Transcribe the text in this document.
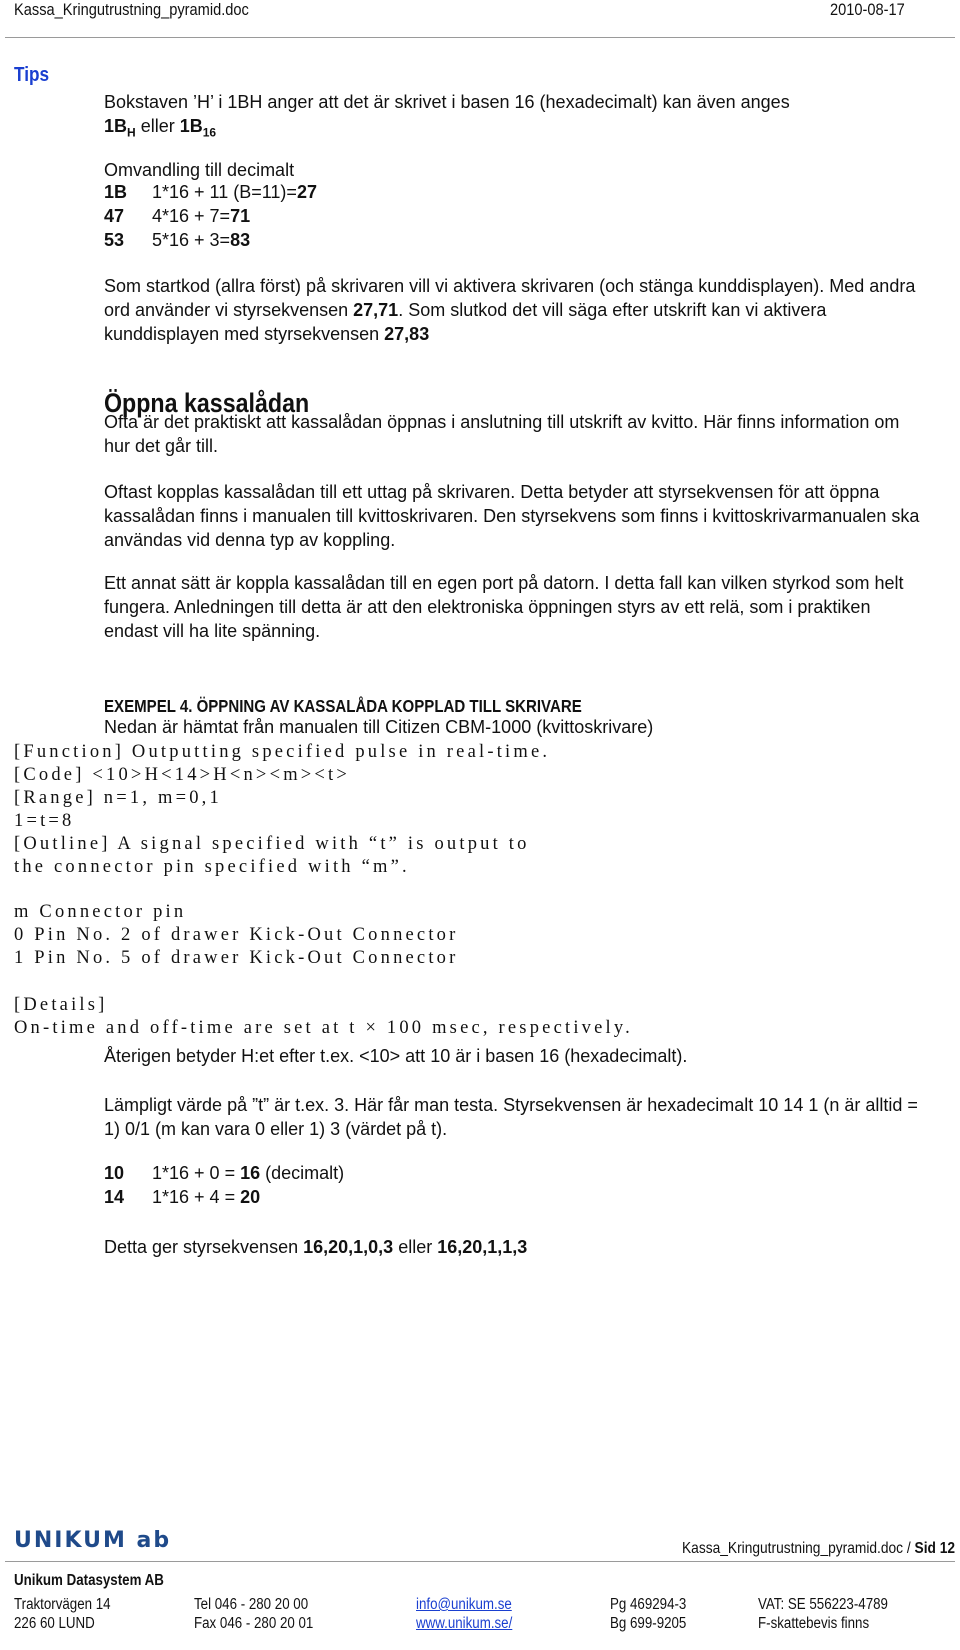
Kassa_Kringutrustning_pyramid.doc	2010-08-17
Tips
Bokstaven ’H’ i 1BH anger att det är skrivet i basen 16 (hexadecimalt) kan även anges
$1B_H$ eller $1B_{16}$
Omvandling till decimalt
1B 1*16 + 11 (B=11)=27
47 4*16 + 7=71
53 5*16 + 3=83
Som startkod (allra först) på skrivaren vill vi aktivera skrivaren (och stänga kunddisplayen). Med andra ord använder vi styrsekvensen 27,71. Som slutkod det vill säga efter utskrift kan vi aktivera kunddisplayen med styrsekvensen 27,83
Öppna kassalådan
Ofta är det praktiskt att kassalådan öppnas i anslutning till utskrift av kvitto. Här finns information om hur det går till.
Oftast kopplas kassalådan till ett uttag på skrivaren. Detta betyder att styrsekvensen för att öppna kassalådan finns i manualen till kvittoskrivaren. Den styrsekvens som finns i kvittoskrivarmanualen ska användas vid denna typ av koppling.
Ett annat sätt är koppla kassalådan till en egen port på datorn. I detta fall kan vilken styrkod som helt fungera. Anledningen till detta är att den elektroniska öppningen styrs av ett relä, som i praktiken endast vill ha lite spänning.
EXEMPEL 4. ÖPPNING AV KASSALÅDA KOPPLAD TILL SKRIVARE
Nedan är hämtat från manualen till Citizen CBM-1000 (kvittoskrivare)
[Function] Outputting specified pulse in real-time.
[Code] <10>H<14>H<n><m><t>
[Range] n=1, m=0,1
1=t=8
[Outline] A signal specified with “t” is output to
the connector pin specified with “m”.
m Connector pin
0 Pin No. 2 of drawer Kick-Out Connector
1 Pin No. 5 of drawer Kick-Out Connector
[Details]
On-time and off-time are set at t × 100 msec, respectively.
Återigen betyder H:et efter t.ex. <10> att 10 är i basen 16 (hexadecimalt).
Lämpligt värde på ”t” är t.ex. 3. Här får man testa. Styrsekvensen är hexadecimalt 10 14 1 (n är alltid = 1) 0/1 (m kan vara 0 eller 1) 3 (värdet på t).
10 1*16 + 0 = 16 (decimalt)
14 1*16 + 4 = 20
Detta ger styrsekvensen 16,20,1,0,3 eller 16,20,1,1,3
UNIKUM ab	Kassa_Kringutrustning_pyramid.doc / Sid 12
Unikum Datasystem AB
Traktorvägen 14
226 60 LUND
Tel 046 - 280 20 00
Fax 046 - 280 20 01
info@unikum.se
www.unikum.se/
Pg 469294-3
Bg 699-9205
VAT: SE 556223-4789
F-skattebevis finns
